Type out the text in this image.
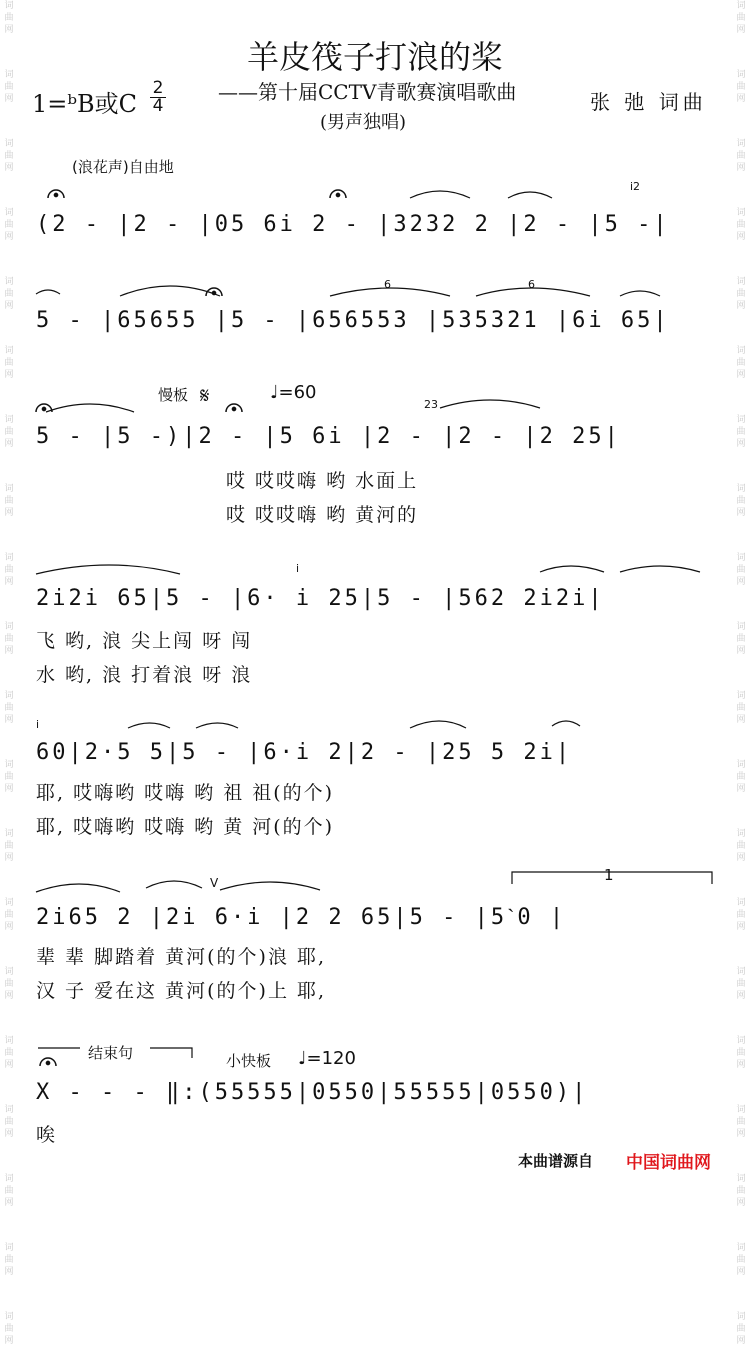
词
曲
网
词
曲
网
词
曲
网
词
曲
网
词
曲
网
词
曲
网
词
曲
网
词
曲
网
词
曲
网
词
曲
网
词
曲
网
词
曲
网
词
曲
网
词
曲
网
词
曲
网
词
曲
网
词
曲
网
词
曲
网
词
曲
网
词
曲
网
词
曲
网
词
曲
网
词
曲
网
词
曲
网
词
曲
网
词
曲
网
词
曲
网
词
曲
网
词
曲
网
词
曲
网
词
曲
网
词
曲
网
词
曲
网
词
曲
网
词
曲
网
词
曲
网
词
曲
网
词
曲
网
词
曲
网
词
曲
网
羊皮筏子打浪的桨
——第十届CCTV青歌赛演唱歌曲
(男声独唱)
1=ᵇB或C
2
4	张 弛 词曲
(浪花声)自由地
慢板 𝄋	♩=60
结束句	小快板 ♩=120
1
6	6
i2
23
i
i
V
(2 - |2 - |05 6i 2 - |3232 2 |2 - |5 -|
5 - |65655 |5 - |656553 |535321 |6i 65|
5 - |5 -)|2 - |5 6i |2 - |2 - |2 25|
哎 哎哎嗨 哟 水面上
哎 哎哎嗨 哟 黄河的
2i2i 65|5 - |6· i 25|5 - |562 2i2i|
飞 哟, 浪 尖上闯 呀 闯
水 哟, 浪 打着浪 呀 浪
60|2·5 5|5 - |6·i 2|2 - |25 5 2i|
耶, 哎嗨哟 哎嗨 哟 祖 祖(的个)
耶, 哎嗨哟 哎嗨 哟 黄 河(的个)
2i65 2 |2i 6·i |2 2 65|5 - |5ˋ0 |
辈 辈 脚踏着 黄河(的个)浪 耶,
汉 子 爱在这 黄河(的个)上 耶,
X - - - ‖:(55555|0550|55555|0550)|
唉
本曲谱源自 中国词曲网
